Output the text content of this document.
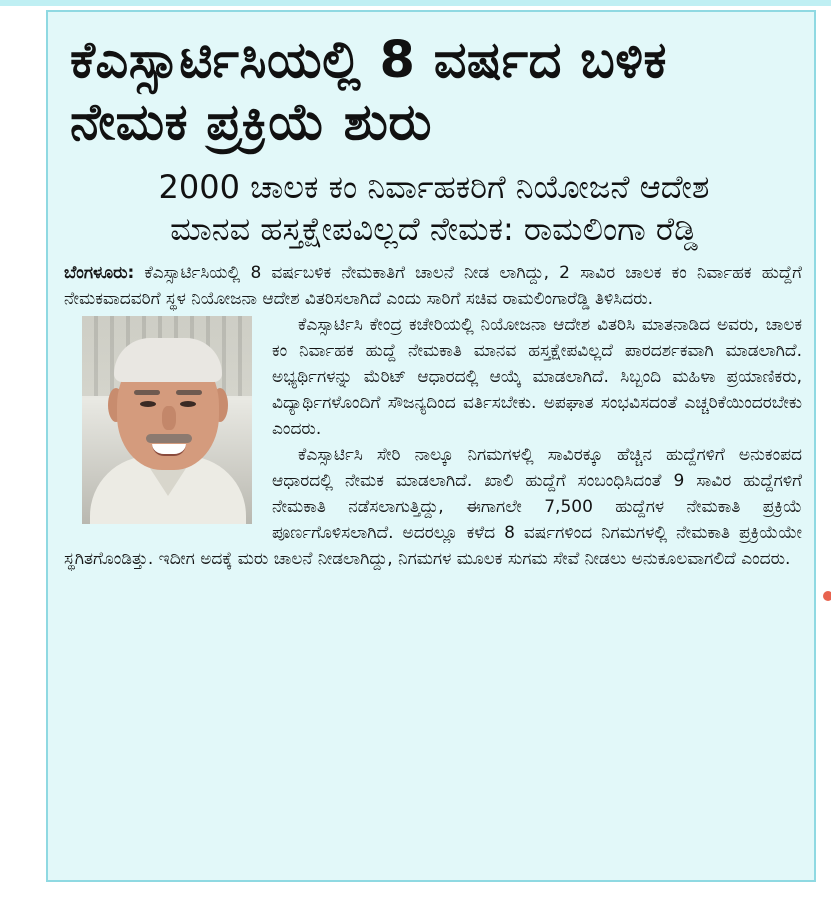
ಕೆಎಸ್ಸಾರ್ಟಿಸಿಯಲ್ಲಿ 8 ವರ್ಷದ ಬಳಿಕ ನೇಮಕ ಪ್ರಕ್ರಿಯೆ ಶುರು
2000 ಚಾಲಕ ಕಂ ನಿರ್ವಾಹಕರಿಗೆ ನಿಯೋಜನೆ ಆದೇಶ
ಮಾನವ ಹಸ್ತಕ್ಷೇಪವಿಲ್ಲದೆ ನೇಮಕ: ರಾಮಲಿಂಗಾ ರೆಡ್ಡಿ

ಬೆಂಗಳೂರು: ಕೆಎಸ್ಸಾರ್ಟಿಸಿಯಲ್ಲಿ 8 ವರ್ಷಬಳಿಕ ನೇಮಕಾತಿಗೆ ಚಾಲನೆ ನೀಡ ಲಾಗಿದ್ದು, 2 ಸಾವಿರ ಚಾಲಕ ಕಂ ನಿರ್ವಾಹಕ ಹುದ್ದೆಗೆ ನೇಮಕವಾದವರಿಗೆ ಸ್ಥಳ ನಿಯೋಜನಾ ಆದೇಶ ವಿತರಿಸಲಾಗಿದೆ ಎಂದು ಸಾರಿಗೆ ಸಚಿವ ರಾಮಲಿಂಗಾರೆಡ್ಡಿ ತಿಳಿಸಿದರು.

ಕೆಎಸ್ಸಾರ್ಟಿಸಿ ಕೇಂದ್ರ ಕಚೇರಿಯಲ್ಲಿ ನಿಯೋಜನಾ ಆದೇಶ ವಿತರಿಸಿ ಮಾತನಾಡಿದ ಅವರು, ಚಾಲಕ ಕಂ ನಿರ್ವಾಹಕ ಹುದ್ದೆ ನೇಮಕಾತಿ ಮಾನವ ಹಸ್ತಕ್ಷೇಪವಿಲ್ಲದೆ ಪಾರದರ್ಶಕವಾಗಿ ಮಾಡಲಾಗಿದೆ. ಅಭ್ಯರ್ಥಿಗಳನ್ನು ಮೆರಿಟ್ ಆಧಾರದಲ್ಲಿ ಆಯ್ಕೆ ಮಾಡಲಾಗಿದೆ. ಸಿಬ್ಬಂದಿ ಮಹಿಳಾ ಪ್ರಯಾಣಿಕರು, ವಿದ್ಯಾರ್ಥಿಗಳೊಂದಿಗೆ ಸೌಜನ್ಯದಿಂದ ವರ್ತಿಸಬೇಕು. ಅಪಘಾತ ಸಂಭವಿಸದಂತೆ ಎಚ್ಚರಿಕೆಯಿಂದರಬೇಕು ಎಂದರು.

ಕೆಎಸ್ಸಾರ್ಟಿಸಿ ಸೇರಿ ನಾಲ್ಕೂ ನಿಗಮಗಳಲ್ಲಿ ಸಾವಿರಕ್ಕೂ ಹೆಚ್ಚಿನ ಹುದ್ದೆಗಳಿಗೆ ಅನುಕಂಪದ ಆಧಾರದಲ್ಲಿ ನೇಮಕ ಮಾಡಲಾಗಿದೆ. ಖಾಲಿ ಹುದ್ದೆಗೆ ಸಂಬಂಧಿಸಿದಂತೆ 9 ಸಾವಿರ ಹುದ್ದೆಗಳಿಗೆ ನೇಮಕಾತಿ ನಡೆಸಲಾಗುತ್ತಿದ್ದು, ಈಗಾಗಲೇ 7,500 ಹುದ್ದೆಗಳ ನೇಮಕಾತಿ ಪ್ರಕ್ರಿಯೆ ಪೂರ್ಣಗೊಳಿಸಲಾಗಿದೆ. ಅದರಲ್ಲೂ ಕಳೆದ 8 ವರ್ಷಗಳಿಂದ ನಿಗಮಗಳಲ್ಲಿ ನೇಮಕಾತಿ ಪ್ರಕ್ರಿಯೆಯೇ ಸ್ಥಗಿತಗೊಂಡಿತ್ತು. ಇದೀಗ ಅದಕ್ಕೆ ಮರು ಚಾಲನೆ ನೀಡಲಾಗಿದ್ದು, ನಿಗಮಗಳ ಮೂಲಕ ಸುಗಮ ಸೇವೆ ನೀಡಲು ಅನುಕೂಲವಾಗಲಿದೆ ಎಂದರು.
